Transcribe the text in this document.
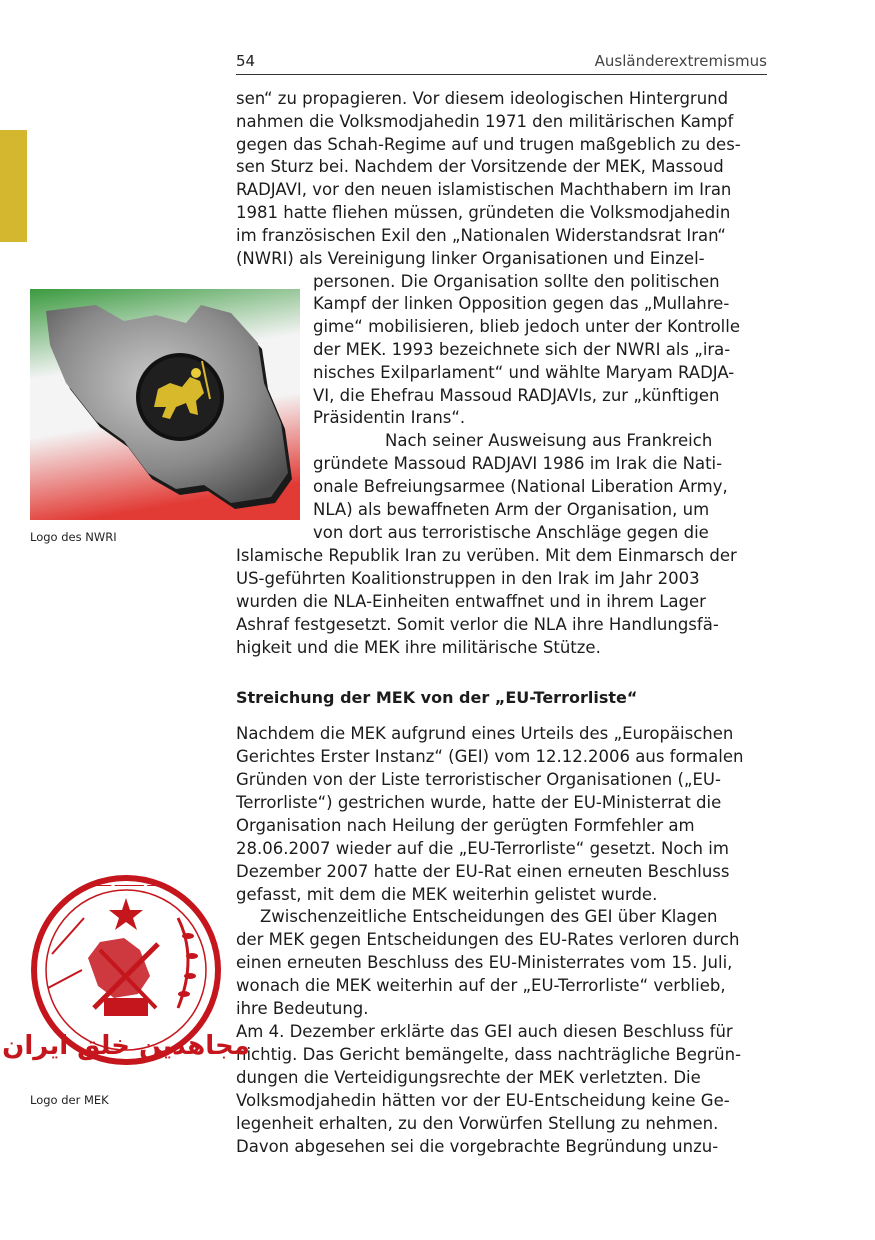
54	Ausländerextremismus
sen“ zu propagieren. Vor diesem ideologischen Hintergrund
nahmen die Volksmodjahedin 1971 den militärischen Kampf
gegen das Schah-Regime auf und trugen maßgeblich zu des-
sen Sturz bei. Nachdem der Vorsitzende der MEK, Massoud
RADJAVI, vor den neuen islamistischen Machthabern im Iran
1981 hatte fliehen müssen, gründeten die Volksmodjahedin
im französischen Exil den „Nationalen Widerstandsrat Iran“
(NWRI) als Vereinigung linker Organisationen und Einzel-
personen. Die Organisation sollte den politischen
Kampf der linken Opposition gegen das „Mullahre-
gime“ mobilisieren, blieb jedoch unter der Kontrolle
der MEK. 1993 bezeichnete sich der NWRI als „ira-
nisches Exilparlament“ und wählte Maryam RADJA-
VI, die Ehefrau Massoud RADJAVIs, zur „künftigen
Präsidentin Irans“.
Nach seiner Ausweisung aus Frankreich
gründete Massoud RADJAVI 1986 im Irak die Nati-
onale Befreiungsarmee (National Liberation Army,
NLA) als bewaffneten Arm der Organisation, um
von dort aus terroristische Anschläge gegen die
Islamische Republik Iran zu verüben. Mit dem Einmarsch der
US-geführten Koalitionstruppen in den Irak im Jahr 2003
wurden die NLA-Einheiten entwaffnet und in ihrem Lager
Ashraf festgesetzt. Somit verlor die NLA ihre Handlungsfä-
higkeit und die MEK ihre militärische Stütze.
Streichung der MEK von der „EU-Terrorliste“
Nachdem die MEK aufgrund eines Urteils des „Europäischen
Gerichtes Erster Instanz“ (GEI) vom 12.12.2006 aus formalen
Gründen von der Liste terroristischer Organisationen („EU-
Terrorliste“) gestrichen wurde, hatte der EU-Ministerrat die
Organisation nach Heilung der gerügten Formfehler am
28.06.2007 wieder auf die „EU-Terrorliste“ gesetzt. Noch im
Dezember 2007 hatte der EU-Rat einen erneuten Beschluss
gefasst, mit dem die MEK weiterhin gelistet wurde.
Zwischenzeitliche Entscheidungen des GEI über Klagen
der MEK gegen Entscheidungen des EU-Rates verloren durch
einen erneuten Beschluss des EU-Ministerrates vom 15. Juli,
wonach die MEK weiterhin auf der „EU-Terrorliste“ verblieb,
ihre Bedeutung.
Am 4. Dezember erklärte das GEI auch diesen Beschluss für
nichtig. Das Gericht bemängelte, dass nachträgliche Begrün-
dungen die Verteidigungsrechte der MEK verletzten. Die
Volksmodjahedin hätten vor der EU-Entscheidung keine Ge-
legenheit erhalten, zu den Vorwürfen Stellung zu nehmen.
Davon abgesehen sei die vorgebrachte Begründung unzu-
Logo des NWRI
ــــ ـــــــــ ــــــ
مجاهدین خلق ایران
Logo der MEK
